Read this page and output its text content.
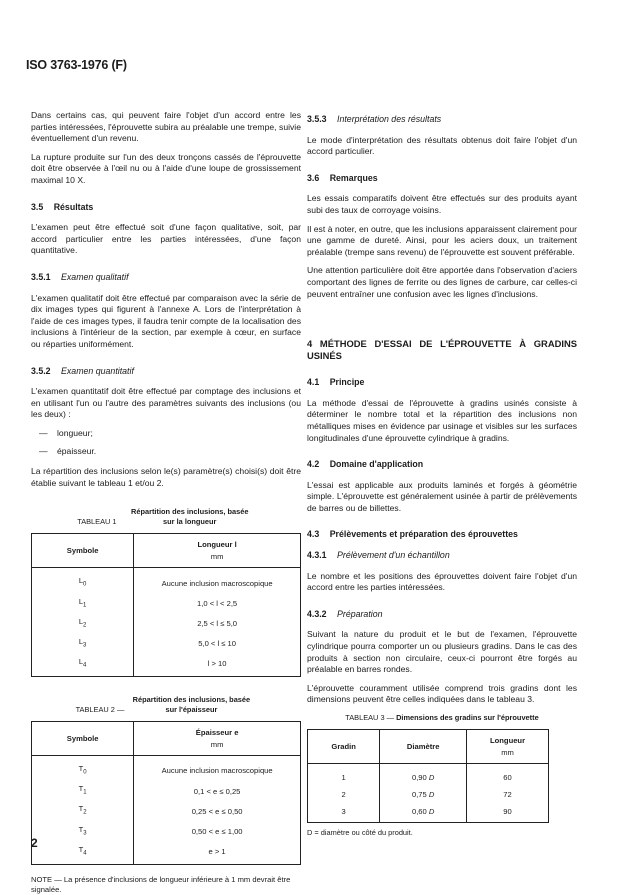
ISO 3763-1976 (F)

Dans certains cas, qui peuvent faire l'objet d'un accord entre les parties intéressées, l'éprouvette subira au préalable une trempe, suivie éventuellement d'un revenu.

La rupture produite sur l'un des deux tronçons cassés de l'éprouvette doit être observée à l'œil nu ou à l'aide d'une loupe de grossissement maximal 10 X.

3.5 Résultats

L'examen peut être effectué soit d'une façon qualitative, soit, par accord particulier entre les parties intéressées, d'une façon quantitative.

3.5.1 Examen qualitatif

L'examen qualitatif doit être effectué par comparaison avec la série de dix images types qui figurent à l'annexe A. Lors de l'interprétation à l'aide de ces images types, il faudra tenir compte de la localisation des inclusions à l'intérieur de la section, par exemple à cœur, en surface ou réparties uniformément.

3.5.2 Examen quantitatif

L'examen quantitatif doit être effectué par comptage des inclusions et en utilisant l'un ou l'autre des paramètres suivants des inclusions (ou les deux) :

— longueur;
— épaisseur.

La répartition des inclusions selon le(s) paramètre(s) choisi(s) doit être établie suivant le tableau 1 et/ou 2.

TABLEAU 1    Répartition des inclusions, basée sur la longueur
Symbole	Longueur l
mm

$L_0$	Aucune inclusion macroscopique
$L_1$	1,0 < l < 2,5
$L_2$	2,5 < l ≤ 5,0
$L_3$	5,0 < l ≤ 10
$L_4$	l > 10
TABLEAU 2 — Répartition des inclusions, basée sur l'épaisseur
Symbole	Épaisseur e
mm

$T_0$	Aucune inclusion macroscopique
$T_1$	0,1 < e ≤ 0,25
$T_2$	0,25 < e ≤ 0,50
$T_3$	0,50 < e ≤ 1,00
$T_4$	e > 1
NOTE — La présence d'inclusions de longueur inférieure à 1 mm devrait être signalée.
3.5.3 Interprétation des résultats

Le mode d'interprétation des résultats obtenus doit faire l'objet d'un accord particulier.

3.6 Remarques

Les essais comparatifs doivent être effectués sur des produits ayant subi des taux de corroyage voisins.

Il est à noter, en outre, que les inclusions apparaissent clairement pour une gamme de dureté. Ainsi, pour les aciers doux, un traitement préalable (trempe sans revenu) de l'éprouvette est souvent préférable.

Une attention particulière doit être apportée dans l'observation d'aciers comportant des lignes de ferrite ou des lignes de carbure, car celles-ci peuvent entraîner une confusion avec les lignes d'inclusions.

4 MÉTHODE D'ESSAI DE L'ÉPROUVETTE À GRADINS USINÉS
4.1 Principe

La méthode d'essai de l'éprouvette à gradins usinés consiste à déterminer le nombre total et la répartition des inclusions non métalliques mises en évidence par usinage et visibles sur les surfaces longitudinales d'une éprouvette cylindrique à gradins.

4.2 Domaine d'application

L'essai est applicable aux produits laminés et forgés à géométrie simple. L'éprouvette est généralement usinée à partir de prélèvements de barres ou de billettes.

4.3 Prélèvements et préparation des éprouvettes
4.3.1 Prélèvement d'un échantillon

Le nombre et les positions des éprouvettes doivent faire l'objet d'un accord entre les parties intéressées.

4.3.2 Préparation

Suivant la nature du produit et le but de l'examen, l'éprouvette cylindrique pourra comporter un ou plusieurs gradins. Dans le cas des produits à section non circulaire, ceux-ci pourront être forgés au préalable en barres rondes.

L'éprouvette couramment utilisée comprend trois gradins dont les dimensions peuvent être celles indiquées dans le tableau 3.

TABLEAU 3 — Dimensions des gradins sur l'éprouvette
Gradin	Diamètre	Longueur
mm

1	0,90 D	60
2	0,75 D	72
3	0,60 D	90
D = diamètre ou côté du produit.
2
